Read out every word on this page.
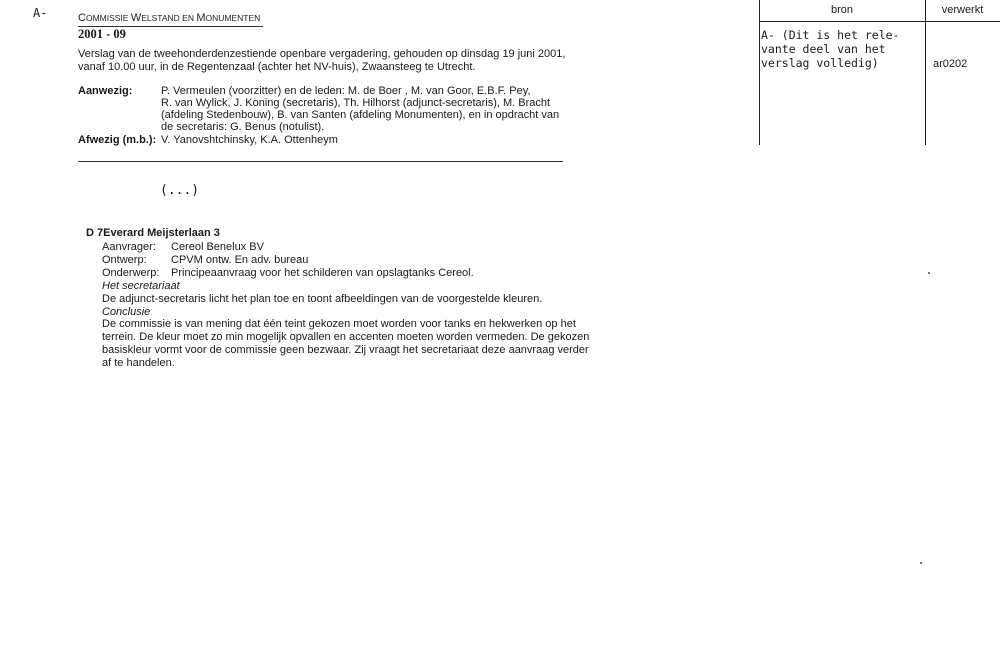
A-	COMMISSIE WELSTAND EN MONUMENTEN
2001 - 09
Verslag van de tweehonderdenzestiende openbare vergadering, gehouden op dinsdag 19 juni 2001,
vanaf 10.00 uur, in de Regentenzaal (achter het NV-huis), Zwaansteeg te Utrecht.
Aanwezig:	P. Vermeulen (voorzitter) en de leden: M. de Boer , M. van Goor, E.B.F. Pey,
R. van Wylick, J. Koning (secretaris), Th. Hilhorst (adjunct-secretaris), M. Bracht
(afdeling Stedenbouw), B. van Santen (afdeling Monumenten), en in opdracht van
de secretaris: G. Benus (notulist).
Afwezig (m.b.): V. Yanovshtchinsky, K.A. Ottenheym
(...)
D 7Everard Meijsterlaan 3
Aanvrager: Cereol Benelux BV
Ontwerp: CPVM ontw. En adv. bureau
Onderwerp: Principeaanvraag voor het schilderen van opslagtanks Cereol.
Het secretariaat
De adjunct-secretaris licht het plan toe en toont afbeeldingen van de voorgestelde kleuren.
Conclusie
De commissie is van mening dat één teint gekozen moet worden voor tanks en hekwerken op het
terrein. De kleur moet zo min mogelijk opvallen en accenten moeten worden vermeden. De gekozen
basiskleur vormt voor de commissie geen bezwaar. Zij vraagt het secretariaat deze aanvraag verder
af te handelen.
bron	verwerkt
A- (Dit is het rele-
vante deel van het
verslag volledig)	ar0202
